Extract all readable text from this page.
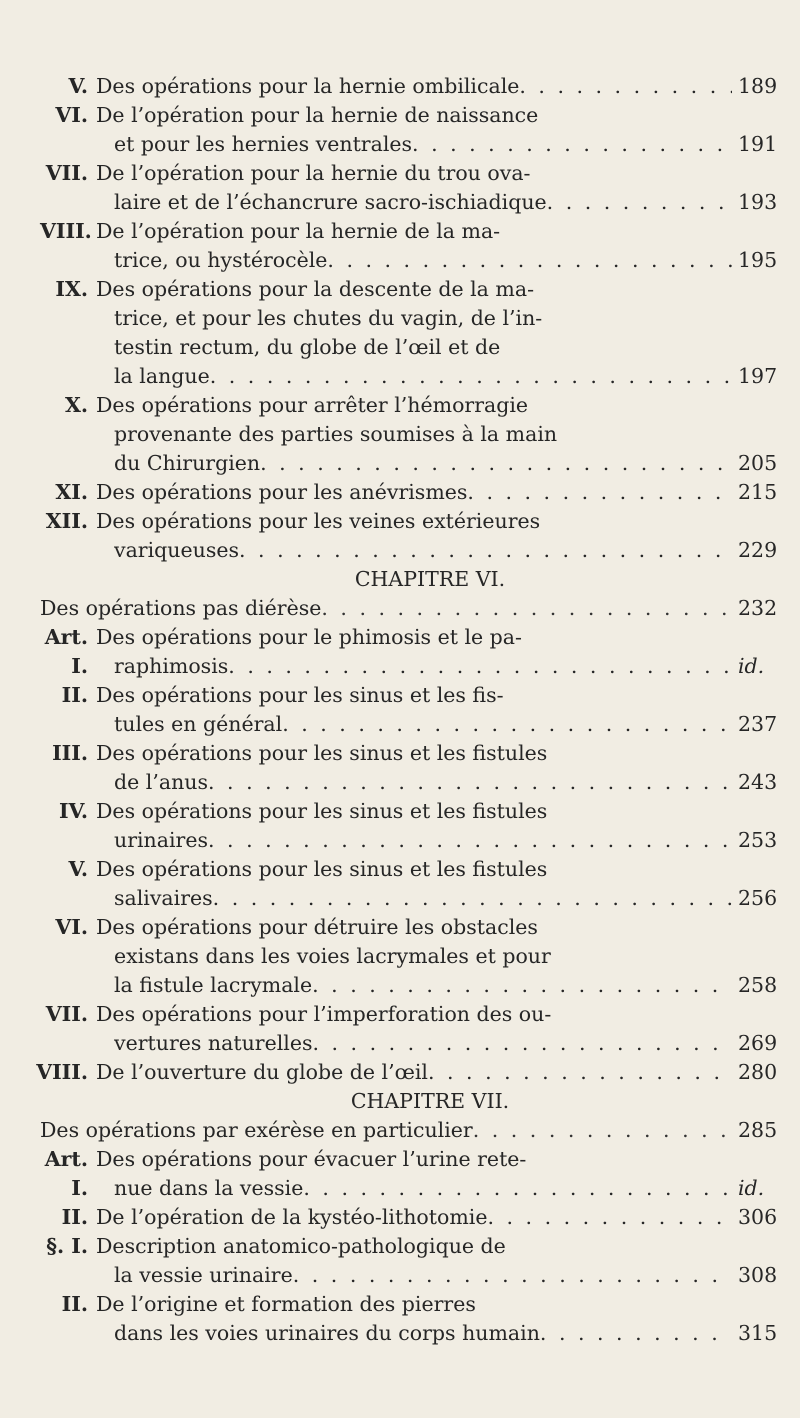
V. Des opérations pour la hernie ombilicale . . .	189
VI. De l’opération pour la hernie de naissance
et pour les hernies ventrales . . .	191
VII. De l’opération pour la hernie du trou ova-
laire et de l’échancrure sacro-ischiadique . . .	193
VIII. De l’opération pour la hernie de la ma-
trice, ou hystérocèle . . .	195
IX. Des opérations pour la descente de la ma-
trice, et pour les chutes du vagin, de l’in-
testin rectum, du globe de l’œil et de
la langue . . .	197
X. Des opérations pour arrêter l’hémorragie
provenante des parties soumises à la main
du Chirurgien . . .	205
XI. Des opérations pour les anévrismes . . .	215
XII. Des opérations pour les veines extérieures
variqueuses . . .	229
CHAPITRE VI.
Des opérations pas diérèse . . .	232
Art. I.
Des opérations pour le phimosis et le pa-
raphimosis . . .	id.
II. Des opérations pour les sinus et les fis-
tules en général . . .	237
III. Des opérations pour les sinus et les fistules
de l’anus . . .	243
IV. Des opérations pour les sinus et les fistules
urinaires . . .	253
V. Des opérations pour les sinus et les fistules
salivaires . . .	256
VI. Des opérations pour détruire les obstacles
existans dans les voies lacrymales et pour
la fistule lacrymale . . .	258
VII. Des opérations pour l’imperforation des ou-
vertures naturelles . . .	269
VIII. De l’ouverture du globe de l’œil . . .	280
CHAPITRE VII.
Des opérations par exérèse en particulier . . .	285
Art. I.
Des opérations pour évacuer l’urine rete-
nue dans la vessie . . .	id.
II. De l’opération de la kystéo-lithotomie . . .	306
§. I. Description anatomico-pathologique de
la vessie urinaire . . .	308
II. De l’origine et formation des pierres
dans les voies urinaires du corps humain . . .	315
